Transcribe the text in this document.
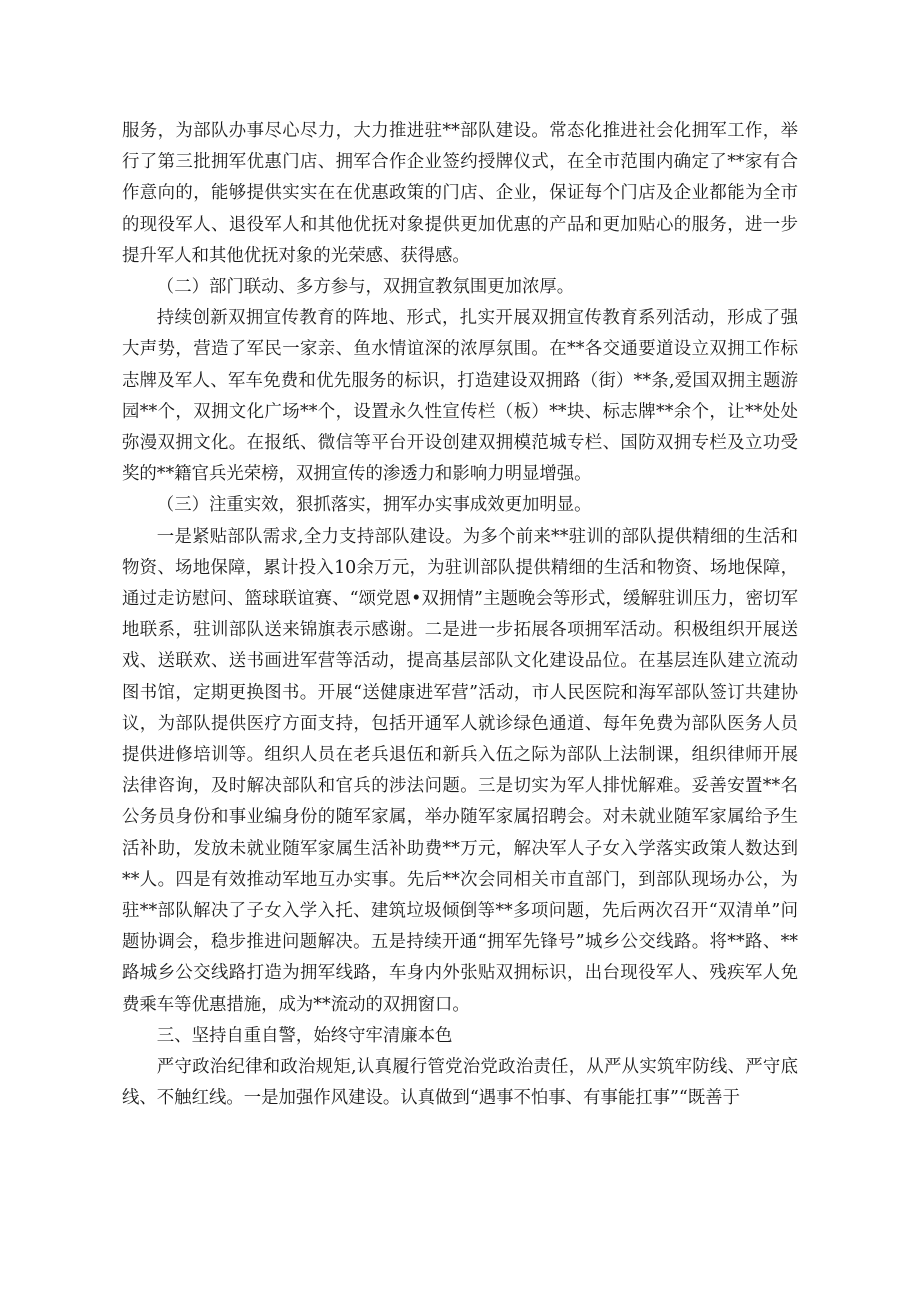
服务，为部队办事尽心尽力，大力推进驻**部队建设。常态化推进社会化拥军工作，举行了第三批拥军优惠门店、拥军合作企业签约授牌仪式，在全市范围内确定了**家有合作意向的，能够提供实实在在优惠政策的门店、企业，保证每个门店及企业都能为全市的现役军人、退役军人和其他优抚对象提供更加优惠的产品和更加贴心的服务，进一步提升军人和其他优抚对象的光荣感、获得感。

（二）部门联动、多方参与，双拥宣教氛围更加浓厚。

持续创新双拥宣传教育的阵地、形式，扎实开展双拥宣传教育系列活动，形成了强大声势，营造了军民一家亲、鱼水情谊深的浓厚氛围。在**各交通要道设立双拥工作标志牌及军人、军车免费和优先服务的标识，打造建设双拥路（街）**条,爱国双拥主题游园**个，双拥文化广场**个，设置永久性宣传栏（板）**块、标志牌**余个，让**处处弥漫双拥文化。在报纸、微信等平台开设创建双拥模范城专栏、国防双拥专栏及立功受奖的**籍官兵光荣榜，双拥宣传的渗透力和影响力明显增强。

（三）注重实效，狠抓落实，拥军办实事成效更加明显。

一是紧贴部队需求,全力支持部队建设。为多个前来**驻训的部队提供精细的生活和物资、场地保障，累计投入10余万元，为驻训部队提供精细的生活和物资、场地保障，通过走访慰问、篮球联谊赛、“颂党恩•双拥情”主题晚会等形式，缓解驻训压力，密切军地联系，驻训部队送来锦旗表示感谢。二是进一步拓展各项拥军活动。积极组织开展送戏、送联欢、送书画进军营等活动，提高基层部队文化建设品位。在基层连队建立流动图书馆，定期更换图书。开展“送健康进军营”活动，市人民医院和海军部队签订共建协议，为部队提供医疗方面支持，包括开通军人就诊绿色通道、每年免费为部队医务人员提供进修培训等。组织人员在老兵退伍和新兵入伍之际为部队上法制课，组织律师开展法律咨询，及时解决部队和官兵的涉法问题。三是切实为军人排忧解难。妥善安置**名公务员身份和事业编身份的随军家属，举办随军家属招聘会。对未就业随军家属给予生活补助，发放未就业随军家属生活补助费**万元，解决军人子女入学落实政策人数达到**人。四是有效推动军地互办实事。先后**次会同相关市直部门，到部队现场办公，为驻**部队解决了子女入学入托、建筑垃圾倾倒等**多项问题，先后两次召开“双清单”问题协调会，稳步推进问题解决。五是持续开通“拥军先锋号”城乡公交线路。将**路、**路城乡公交线路打造为拥军线路，车身内外张贴双拥标识，出台现役军人、残疾军人免费乘车等优惠措施，成为**流动的双拥窗口。

三、坚持自重自警，始终守牢清廉本色

严守政治纪律和政治规矩,认真履行管党治党政治责任，从严从实筑牢防线、严守底线、不触红线。一是加强作风建设。认真做到“遇事不怕事、有事能扛事”“既善于
